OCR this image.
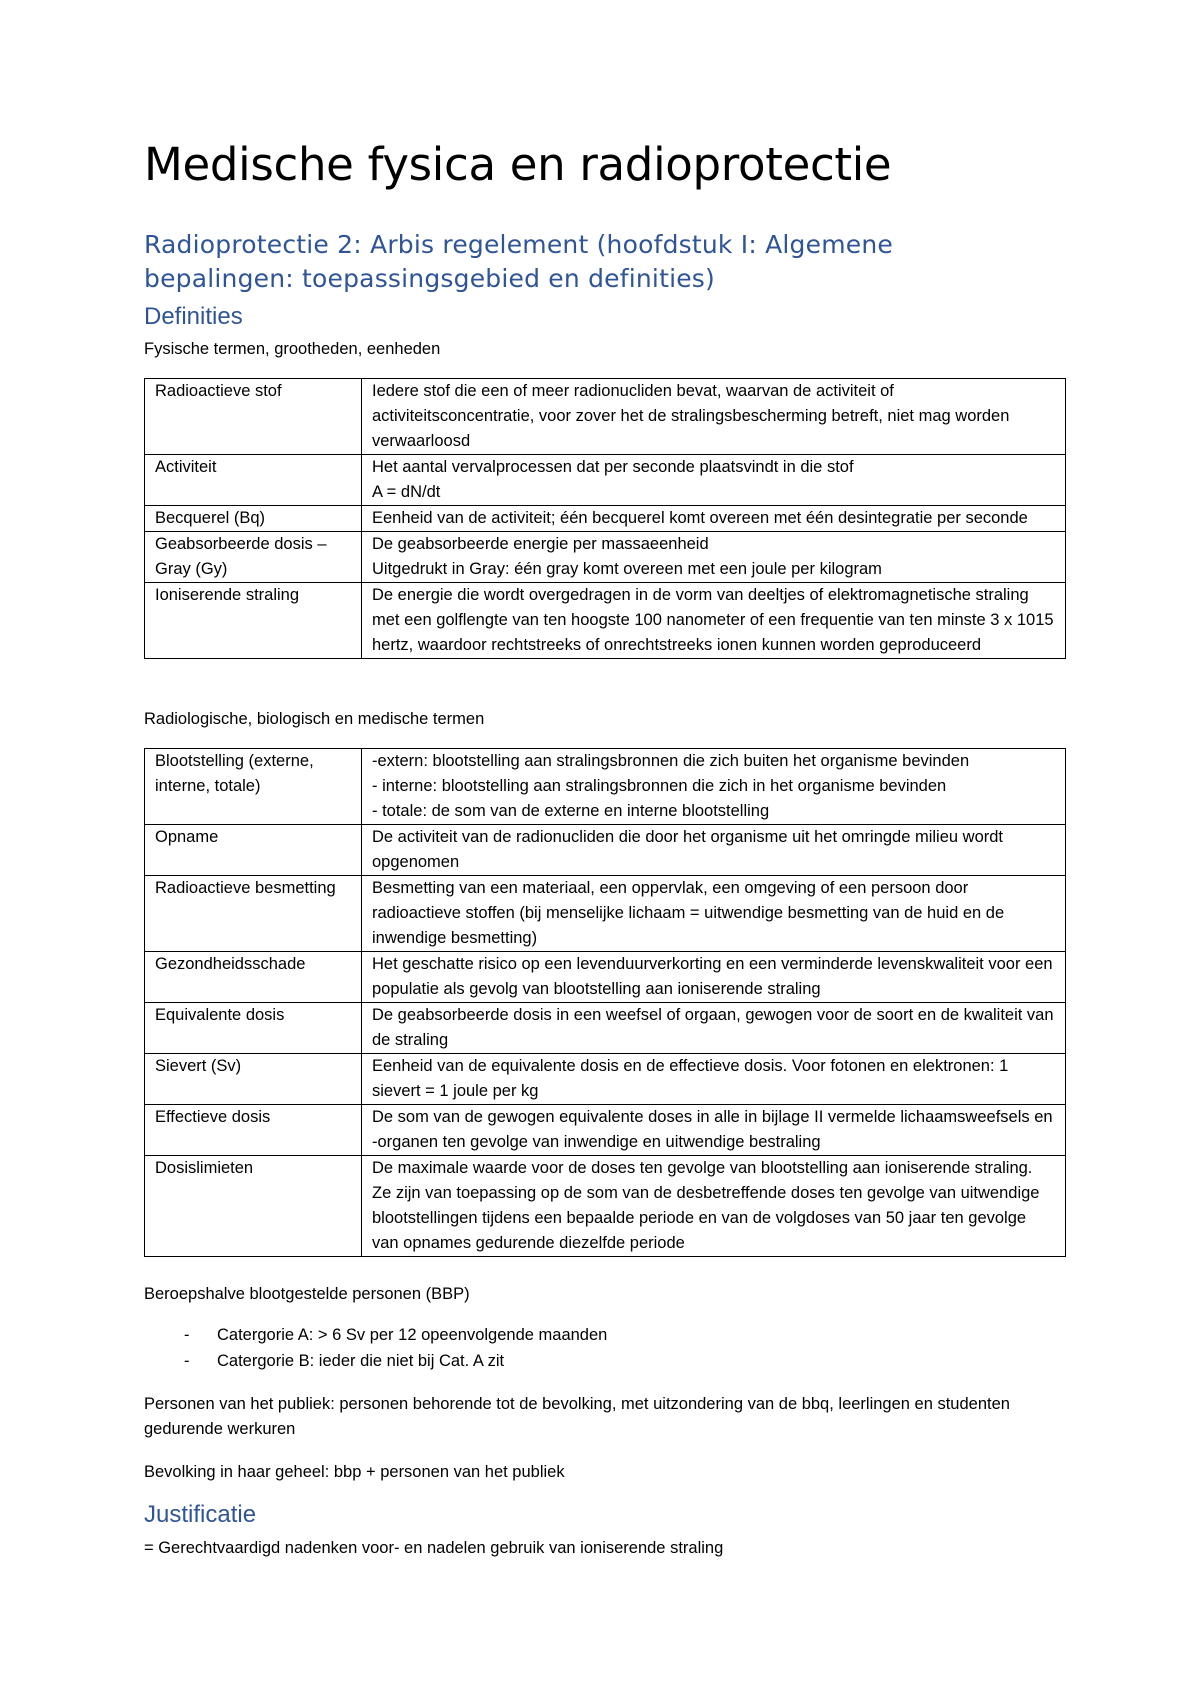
Medische fysica en radioprotectie
Radioprotectie 2: Arbis regelement (hoofdstuk I: Algemene bepalingen: toepassingsgebied en definities)
Definities

Fysische termen, grootheden, eenheden

Radioactieve stof	Iedere stof die een of meer radionucliden bevat, waarvan de activiteit of activiteitsconcentratie, voor zover het de stralingsbescherming betreft, niet mag worden verwaarloosd
Activiteit	Het aantal vervalprocessen dat per seconde plaatsvindt in die stof
A = dN/dt
Becquerel (Bq)	Eenheid van de activiteit; één becquerel komt overeen met één desintegratie per seconde
Geabsorbeerde dosis – Gray (Gy)	De geabsorbeerde energie per massaeenheid
Uitgedrukt in Gray: één gray komt overeen met een joule per kilogram
Ioniserende straling	De energie die wordt overgedragen in de vorm van deeltjes of elektromagnetische straling met een golflengte van ten hoogste 100 nanometer of een frequentie van ten minste 3 x 1015 hertz, waardoor rechtstreeks of onrechtstreeks ionen kunnen worden geproduceerd

Radiologische, biologisch en medische termen

Blootstelling (externe, interne, totale)	-extern: blootstelling aan stralingsbronnen die zich buiten het organisme bevinden
- interne: blootstelling aan stralingsbronnen die zich in het organisme bevinden
- totale: de som van de externe en interne blootstelling
Opname	De activiteit van de radionucliden die door het organisme uit het omringde milieu wordt opgenomen
Radioactieve besmetting	Besmetting van een materiaal, een oppervlak, een omgeving of een persoon door radioactieve stoffen (bij menselijke lichaam = uitwendige besmetting van de huid en de inwendige besmetting)
Gezondheidsschade	Het geschatte risico op een levenduurverkorting en een verminderde levenskwaliteit voor een populatie als gevolg van blootstelling aan ioniserende straling
Equivalente dosis	De geabsorbeerde dosis in een weefsel of orgaan, gewogen voor de soort en de kwaliteit van de straling
Sievert (Sv)	Eenheid van de equivalente dosis en de effectieve dosis. Voor fotonen en elektronen: 1 sievert = 1 joule per kg
Effectieve dosis	De som van de gewogen equivalente doses in alle in bijlage II vermelde lichaamsweefsels en -organen ten gevolge van inwendige en uitwendige bestraling
Dosislimieten	De maximale waarde voor de doses ten gevolge van blootstelling aan ioniserende straling. Ze zijn van toepassing op de som van de desbetreffende doses ten gevolge van uitwendige blootstellingen tijdens een bepaalde periode en van de volgdoses van 50 jaar ten gevolge van opnames gedurende diezelfde periode

Beroepshalve blootgestelde personen (BBP)

- Catergorie A: > 6 Sv per 12 opeenvolgende maanden
- Catergorie B: ieder die niet bij Cat. A zit

Personen van het publiek: personen behorende tot de bevolking, met uitzondering van de bbq, leerlingen en studenten gedurende werkuren

Bevolking in haar geheel: bbp + personen van het publiek

Justificatie

= Gerechtvaardigd nadenken voor- en nadelen gebruik van ioniserende straling
